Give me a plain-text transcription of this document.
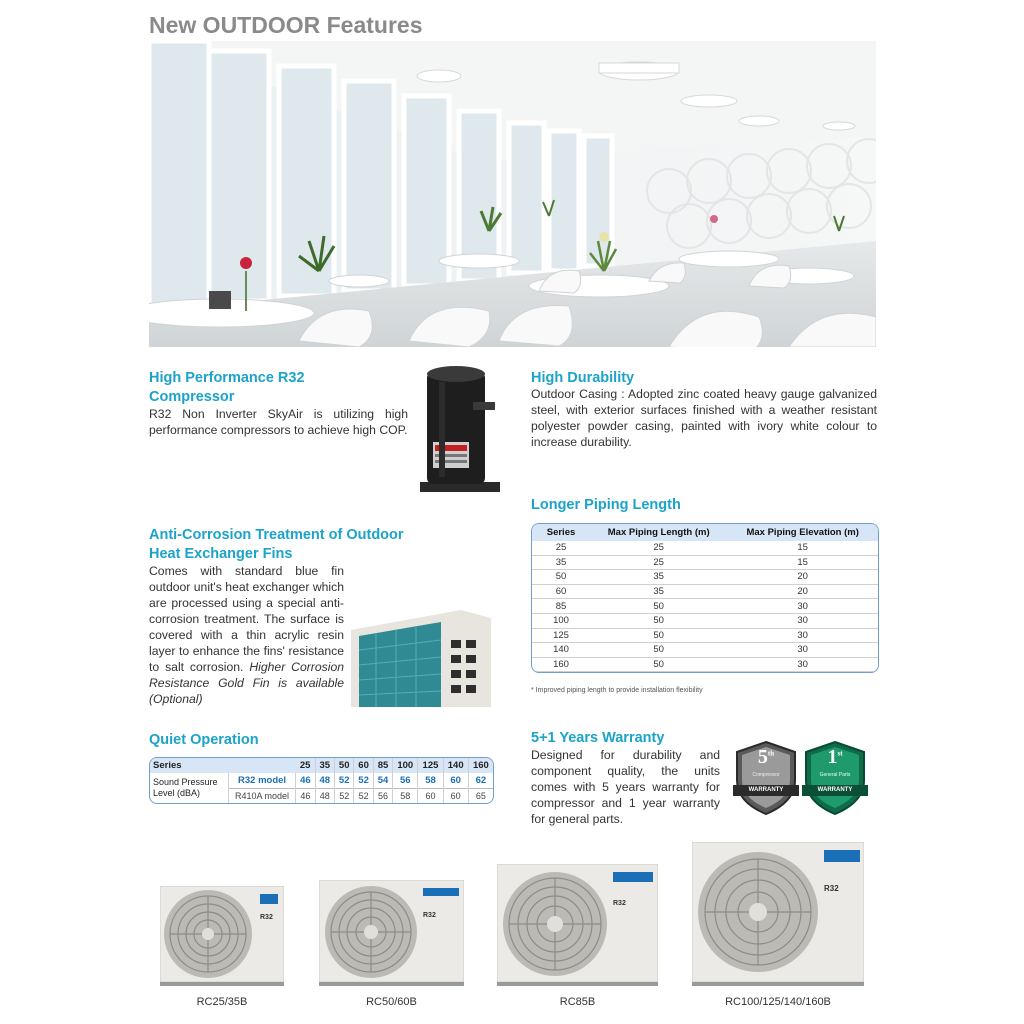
New OUTDOOR Features
High Performance R32
Compressor
R32 Non Inverter SkyAir is utilizing high performance compressors to achieve high COP.
High Durability
Outdoor Casing : Adopted zinc coated heavy gauge galvanized steel, with exterior surfaces finished with a weather resistant polyester powder casing, painted with ivory white colour to increase durability.
Longer Piping Length
Series	Max Piping Length (m)	Max Piping Elevation (m)
25	25	15
35	25	15
50	35	20
60	35	20
85	50	30
100	50	30
125	50	30
140	50	30
160	50	30
* Improved piping length to provide installation flexibility
Anti-Corrosion Treatment of Outdoor
Heat Exchanger Fins
Comes with standard blue fin outdoor unit's heat exchanger which are processed using a special anti-corrosion treatment. The surface is covered with a thin acrylic resin layer to enhance the fins' resistance to salt corrosion. Higher Corrosion Resistance Gold Fin is available (Optional)
Quiet Operation
Series		25	35	50	60	85	100	125	140	160

Sound Pressure
Level (dBA)	R32 model	46	48	52	52	54	56	58	60	62
	R410A model	46	48	52	52	56	58	60	60	65
5+1 Years Warranty
Designed for durability and component quality, the units comes with 5 years warranty for compressor and 1 year warranty for general parts.
5th
Compressor
WARRANTY
1st
General Parts
WARRANTY
R32
RC25/35B
R32
RC50/60B
R32
RC85B
R32
RC100/125/140/160B
